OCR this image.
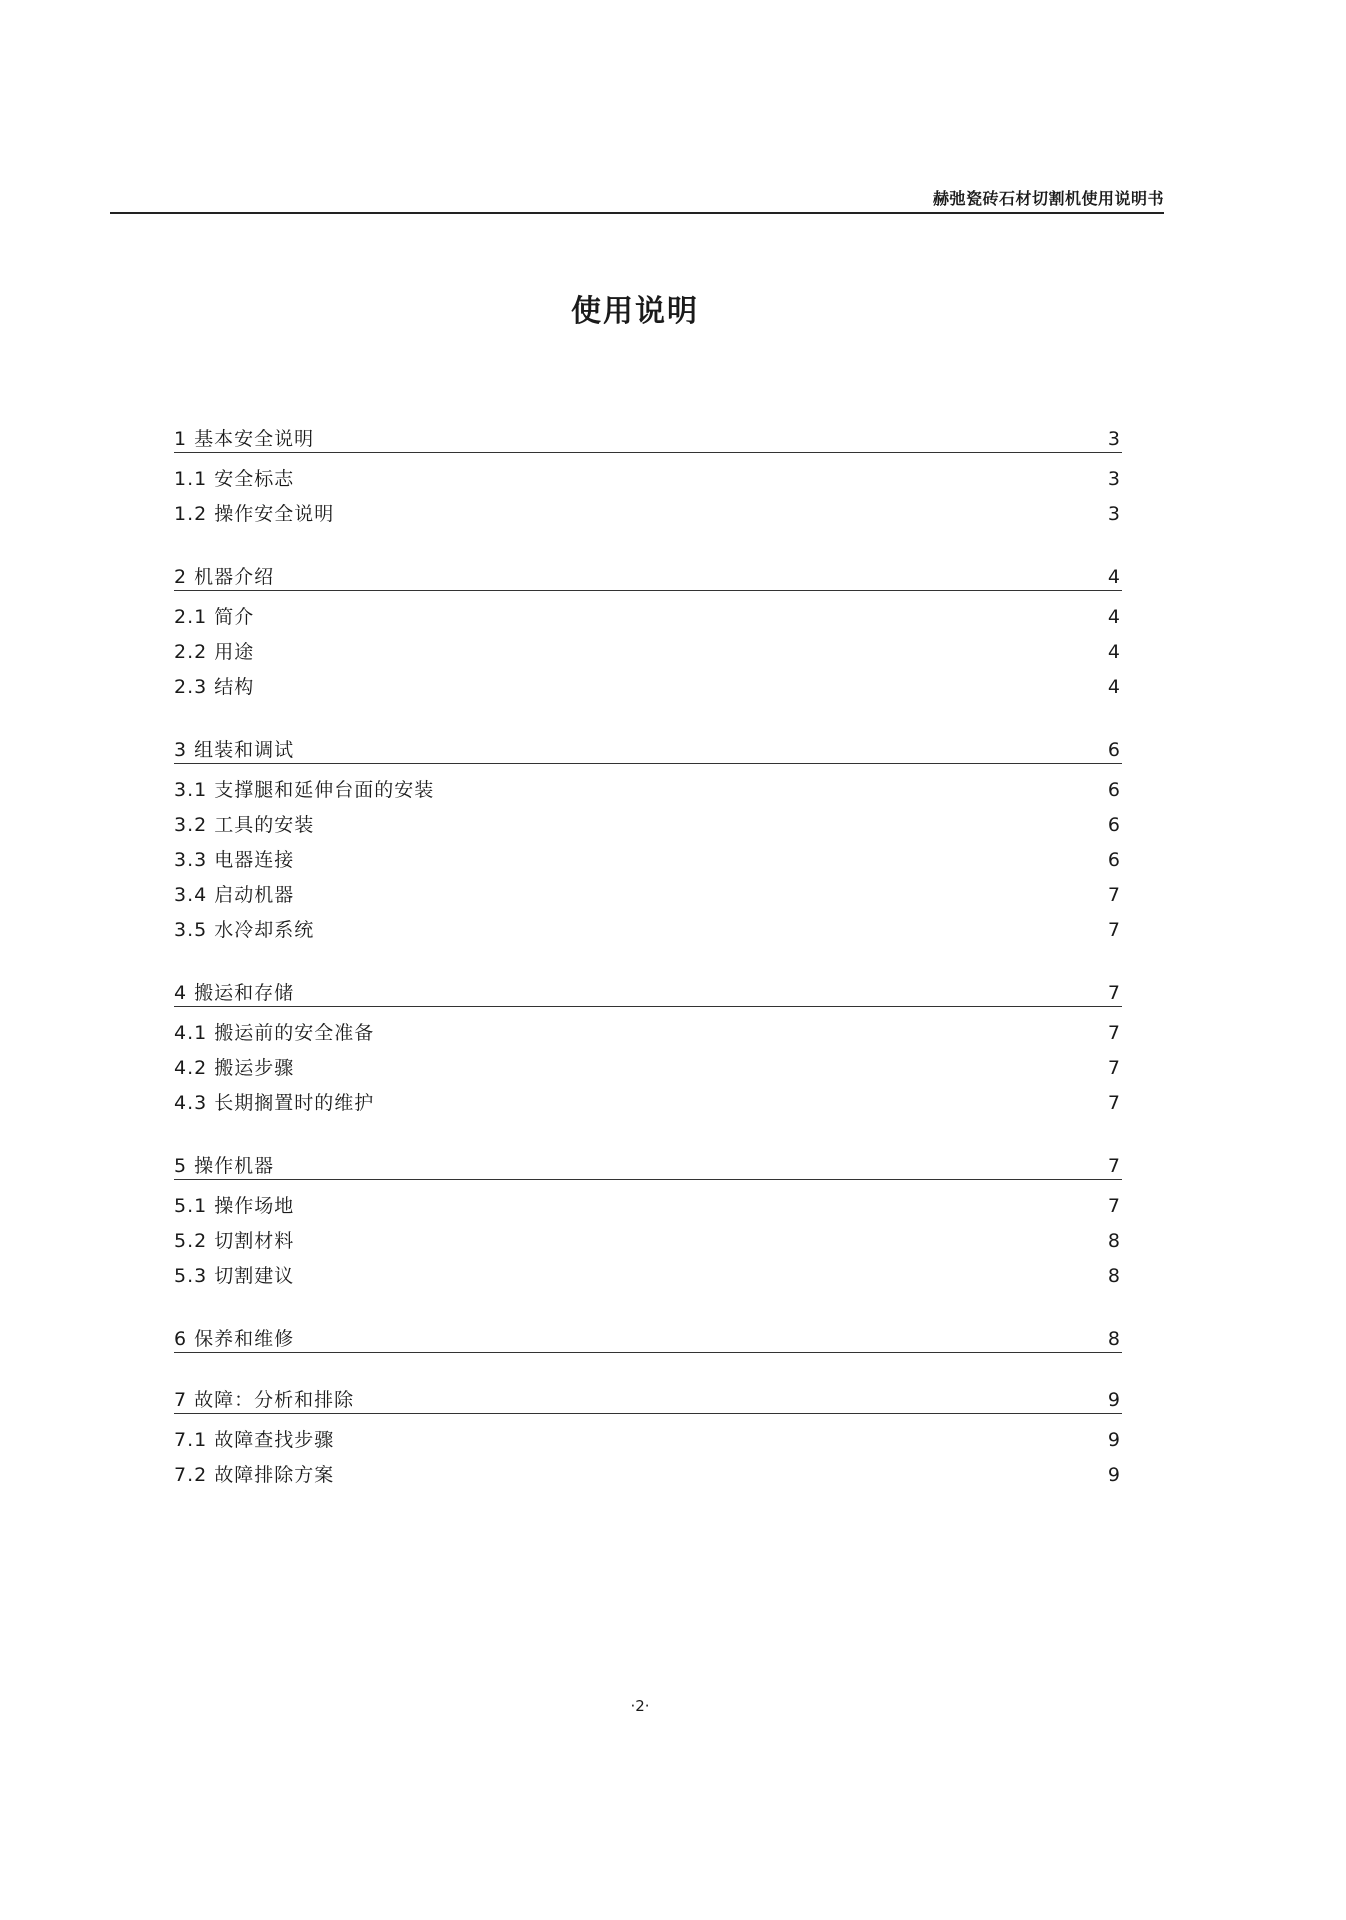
赫弛瓷砖石材切割机使用说明书
使用说明
1 基本安全说明	3
1.1 安全标志	3
1.2 操作安全说明	3
2 机器介绍	4
2.1 简介	4
2.2 用途	4
2.3 结构	4
3 组装和调试	6
3.1 支撑腿和延伸台面的安装	6
3.2 工具的安装	6
3.3 电器连接	6
3.4 启动机器	7
3.5 水冷却系统	7
4 搬运和存储	7
4.1 搬运前的安全准备	7
4.2 搬运步骤	7
4.3 长期搁置时的维护	7
5 操作机器	7
5.1 操作场地	7
5.2 切割材料	8
5.3 切割建议	8
6 保养和维修	8
7 故障：分析和排除	9
7.1 故障查找步骤	9
7.2 故障排除方案	9
·2·
